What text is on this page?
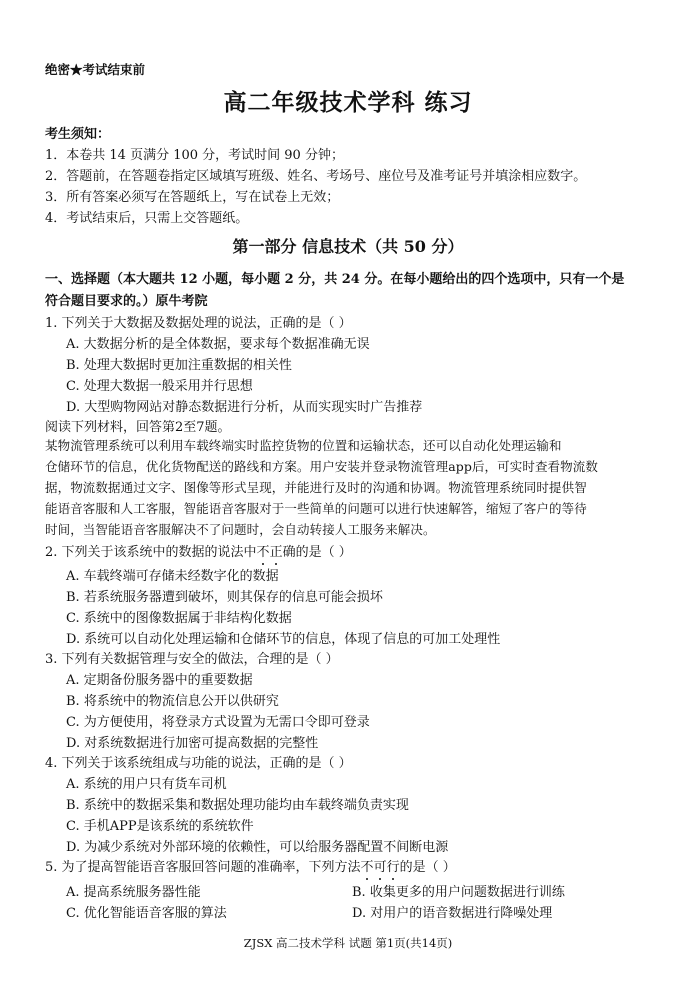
绝密★考试结束前
高二年级技术学科 练习
考生须知：
1．本卷共 14 页满分 100 分，考试时间 90 分钟；
2．答题前，在答题卷指定区域填写班级、姓名、考场号、座位号及准考证号并填涂相应数字。
3．所有答案必须写在答题纸上，写在试卷上无效；
4．考试结束后，只需上交答题纸。
第一部分 信息技术（共 50 分）
一、选择题（本大题共 12 小题，每小题 2 分，共 24 分。在每小题给出的四个选项中，只有一个是
符合题目要求的。）原牛考院
1. 下列关于大数据及数据处理的说法，正确的是（ ）
A. 大数据分析的是全体数据，要求每个数据准确无误
B. 处理大数据时更加注重数据的相关性
C. 处理大数据一般采用并行思想
D. 大型购物网站对静态数据进行分析，从而实现实时广告推荐
阅读下列材料，回答第2至7题。
某物流管理系统可以利用车载终端实时监控货物的位置和运输状态，还可以自动化处理运输和
仓储环节的信息，优化货物配送的路线和方案。用户安装并登录物流管理app后，可实时查看物流数
据，物流数据通过文字、图像等形式呈现，并能进行及时的沟通和协调。物流管理系统同时提供智
能语音客服和人工客服，智能语音客服对于一些简单的问题可以进行快速解答，缩短了客户的等待
时间，当智能语音客服解决不了问题时，会自动转接人工服务来解决。
2. 下列关于该系统中的数据的说法中不正确的是（ ）
A. 车载终端可存储未经数字化的数据
B. 若系统服务器遭到破坏，则其保存的信息可能会损坏
C. 系统中的图像数据属于非结构化数据
D. 系统可以自动化处理运输和仓储环节的信息，体现了信息的可加工处理性
3. 下列有关数据管理与安全的做法，合理的是（ ）
A. 定期备份服务器中的重要数据
B. 将系统中的物流信息公开以供研究
C. 为方便使用，将登录方式设置为无需口令即可登录
D. 对系统数据进行加密可提高数据的完整性
4. 下列关于该系统组成与功能的说法，正确的是（ ）
A. 系统的用户只有货车司机
B. 系统中的数据采集和数据处理功能均由车载终端负责实现
C. 手机APP是该系统的系统软件
D. 为减少系统对外部环境的依赖性，可以给服务器配置不间断电源
5. 为了提高智能语音客服回答问题的准确率，下列方法不可行的是（ ）
A. 提高系统服务器性能	B. 收集更多的用户问题数据进行训练
C. 优化智能语音客服的算法	D. 对用户的语音数据进行降噪处理
ZJSX 高二技术学科 试题 第1页(共14页)
